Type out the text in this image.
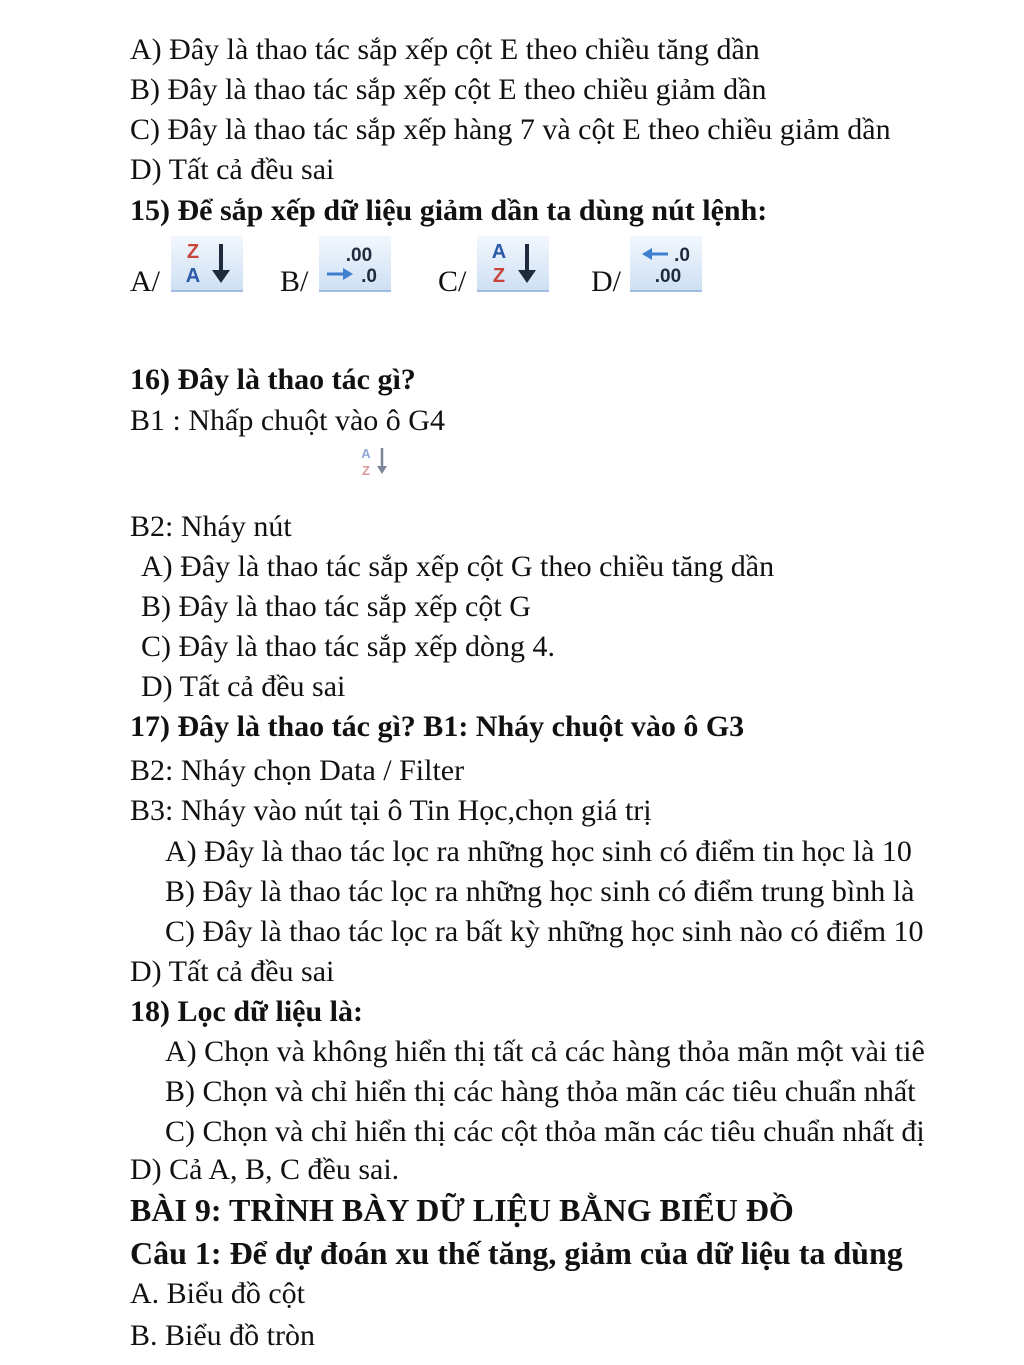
A) Đây là thao tác sắp xếp cột E theo chiều tăng dần
B) Đây là thao tác sắp xếp cột E theo chiều giảm dần
C) Đây là thao tác sắp xếp hàng 7 và cột E theo chiều giảm dần
D) Tất cả đều sai
15) Để sắp xếp dữ liệu giảm dần ta dùng nút lệnh:
A/
Z
A	B/
.00
.0 C/
A
Z	D/
.0
.00
16) Đây là thao tác gì?
B1 : Nhấp chuột vào ô G4
A
Z
B2: Nháy nút
A) Đây là thao tác sắp xếp cột G theo chiều tăng dần
B) Đây là thao tác sắp xếp cột G
C) Đây là thao tác sắp xếp dòng 4.
D) Tất cả đều sai
17) Đây là thao tác gì? B1: Nháy chuột vào ô G3
B2: Nháy chọn Data / Filter
B3: Nháy vào nút tại ô Tin Học,chọn giá trị
A) Đây là thao tác lọc ra những học sinh có điểm tin học là 10
B) Đây là thao tác lọc ra những học sinh có điểm trung bình là
C) Đây là thao tác lọc ra bất kỳ những học sinh nào có điểm 10
D) Tất cả đều sai
18) Lọc dữ liệu là:
A) Chọn và không hiển thị tất cả các hàng thỏa mãn một vài tiê
B) Chọn và chỉ hiển thị các hàng thỏa mãn các tiêu chuẩn nhất
C) Chọn và chỉ hiển thị các cột thỏa mãn các tiêu chuẩn nhất đị
D) Cả A, B, C đều sai.
BÀI 9: TRÌNH BÀY DỮ LIỆU BẰNG BIỂU ĐỒ
Câu 1: Để dự đoán xu thế tăng, giảm của dữ liệu ta dùng
A. Biểu đồ cột
B. Biểu đồ tròn
